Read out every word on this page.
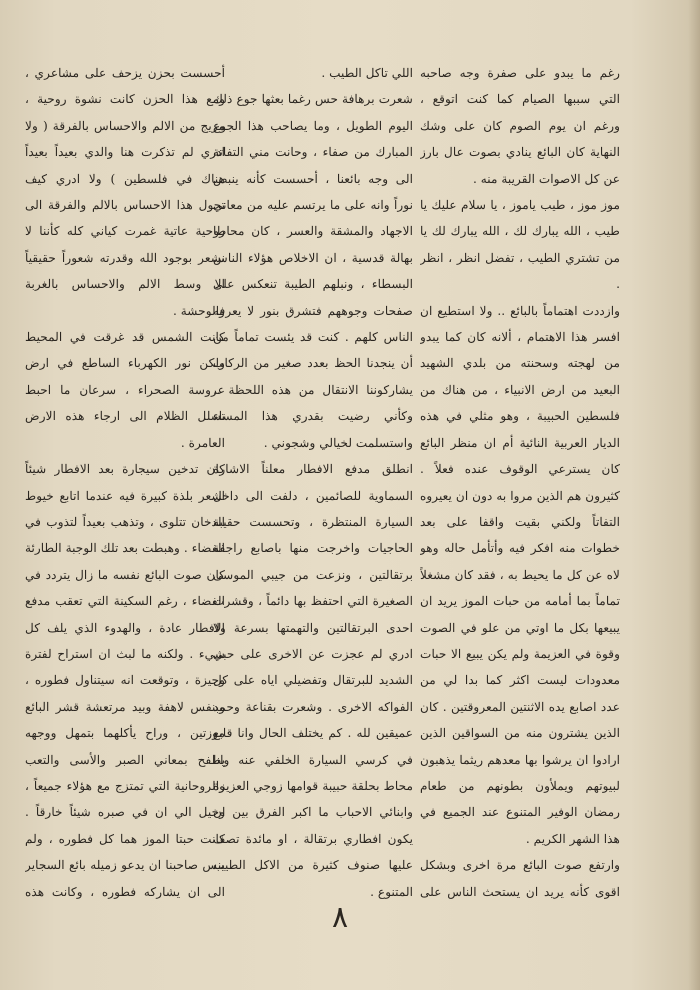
رغم ما يبدو على صفرة وجه صاحبه التي سببها الصيام كما كنت اتوقع ، ورغم ان يوم الصوم كان على وشك النهاية كان البائع ينادي بصوت عال بارز عن كل الاصوات القريبة منه .

موز موز ، طيب ياموز ، يا سلام عليك يا طيب ، الله يبارك لك ، الله يبارك لك يا من تشتري الطيب ، تفضل انظر ، انظر .

وازددت اهتماماً بالبائع .. ولا استطيع ان افسر هذا الاهتمام ، ألانه كان كما يبدو من لهجته وسحنته من بلدي الشهيد البعيد من ارض الانبياء ، من هناك من فلسطين الحبيبة ، وهو مثلي في هذه الديار العربية النائية أم ان منظر البائع كان يسترعي الوقوف عنده فعلاً . كثيرون هم الذين مروا به دون ان يعيروه التفاتاً ولكني بقيت واقفا على بعد خطوات منه افكر فيه وأتأمل حاله وهو لاه عن كل ما يحيط به ، فقد كان مشغلاً تماماً بما أمامه من حبات الموز يريد ان يبيعها بكل ما اوتي من علو في الصوت وقوة في العزيمة ولم يكن يبيع الا حبات معدودات ليست اكثر كما بدا لي من عدد اصابع يده الاثنتين المعروقتين . كان الذين يشترون منه من السواقين الذين ارادوا ان يرشوا بها معدهم ريثما يذهبون لبيوتهم ويملأون بطونهم من طعام رمضان الوفير المتنوع عند الجميع في هذا الشهر الكريم .

وارتفع صوت البائع مرة اخرى وبشكل اقوى كأنه يريد ان يستحث الناس على

اللي تاكل الطيب .

شعرت برهافة حس رغما بعثها جوع ذلك اليوم الطويل ، وما يصاحب هذا الجوع المبارك من صفاء ، وحانت مني التفاتة الى وجه بائعنا ، أحسست كأنه ينبض نوراً وانه على ما يرتسم عليه من معاني الاجهاد والمشقة والعسر ، كان محاطا بهالة قدسية ، ان الاخلاص هؤلاء الناس البسطاء ، ونبلهم الطيبة تنعكس على صفحات وجوههم فتشرق بنور لا يعرفه الناس كلهم . كنت قد يئست تماماً من أن ينجدنا الحظ بعدد صغير من الركاب يشاركوننا الانتقال من هذه اللحظة .. وكأني رضيت بقدري هذا المساء واستسلمت لخيالي وشجوني .

انطلق مدفع الافطار معلناً الاشارة السماوية للصائمين ، دلفت الى داخل السيارة المنتظرة ، وتحسست حقيبة الحاجيات واخرجت منها باصابع راجفة برتقالتين ، ونزعت من جيبي الموسى الصغيرة التي احتفظ بها دائماً ، وقشرت احدى البرتقالتين والتهمتها بسرعة ولا ادري لم عجزت عن الاخرى على حبي الشديد للبرتقال وتفضيلي اياه على كل الفواكه الاخرى . وشعرت بقناعة وحمد عميقين لله . كم يختلف الحال وانا قابع في كرسي السيارة الخلفي عنه وانا محاط بحلقة حبيبة قوامها زوجي العزيزة وابنائي الاحباب ما اكبر الفرق بين ان يكون افطاري برتقالة ، او مائدة تصف عليها صنوف كثيرة من الاكل الطيب المتنوع .

أحسست بحزن يزحف على مشاعري ، ومع هذا الحزن كانت نشوة روحية ، مزيج من الالم والاحساس بالفرقة ( ولا ادري لم تذكرت هنا والدي بعيداً بعيداً هناك في فلسطين ) ولا ادري كيف تحول هذا الاحساس بالالم والفرقة الى روحية عاتية غمرت كياني كله كأننا لا نشعر بوجود الله وقدرته شعوراً حقيقياً الا وسط الالم والاحساس بالغربة والوحشة .

كانت الشمس قد غرقت في المحيط ولكن نور الكهرباء الساطع في ارض عروسة الصحراء ، سرعان ما احبط تسلل الظلام الى ارجاء هذه الارض العامرة .

كان تدخين سيجارة بعد الافطار شيئاً اشعر بلذة كبيرة فيه عندما اتابع خيوط الدخان تتلوى ، وتذهب بعيداً لتذوب في الفضاء . وهبطت بعد تلك الوجبة الطارئة كان صوت البائع نفسه ما زال يتردد في الفضاء ، رغم السكينة التي تعقب مدفع الافطار عادة ، والهدوء الذي يلف كل شيء . ولكنه ما لبث ان استراح لفترة وجيزة ، وتوقعت انه سيتناول فطوره ، وبنفس لاهفة وبيد مرتعشة قشر البائع موزتين ، وراح يأكلهما بتمهل ووجهه يطفح بمعاني الصبر والأسى والتعب والروحانية التي تمتزج مع هؤلاء جميعاً ، وخيل الي ان في صبره شيئاً خارقاً . كانت حبتا الموز هما كل فطوره ، ولم ينس صاحبنا ان يدعو زميله بائع السجاير الى ان يشاركه فطوره ، وكانت هذه

٨
